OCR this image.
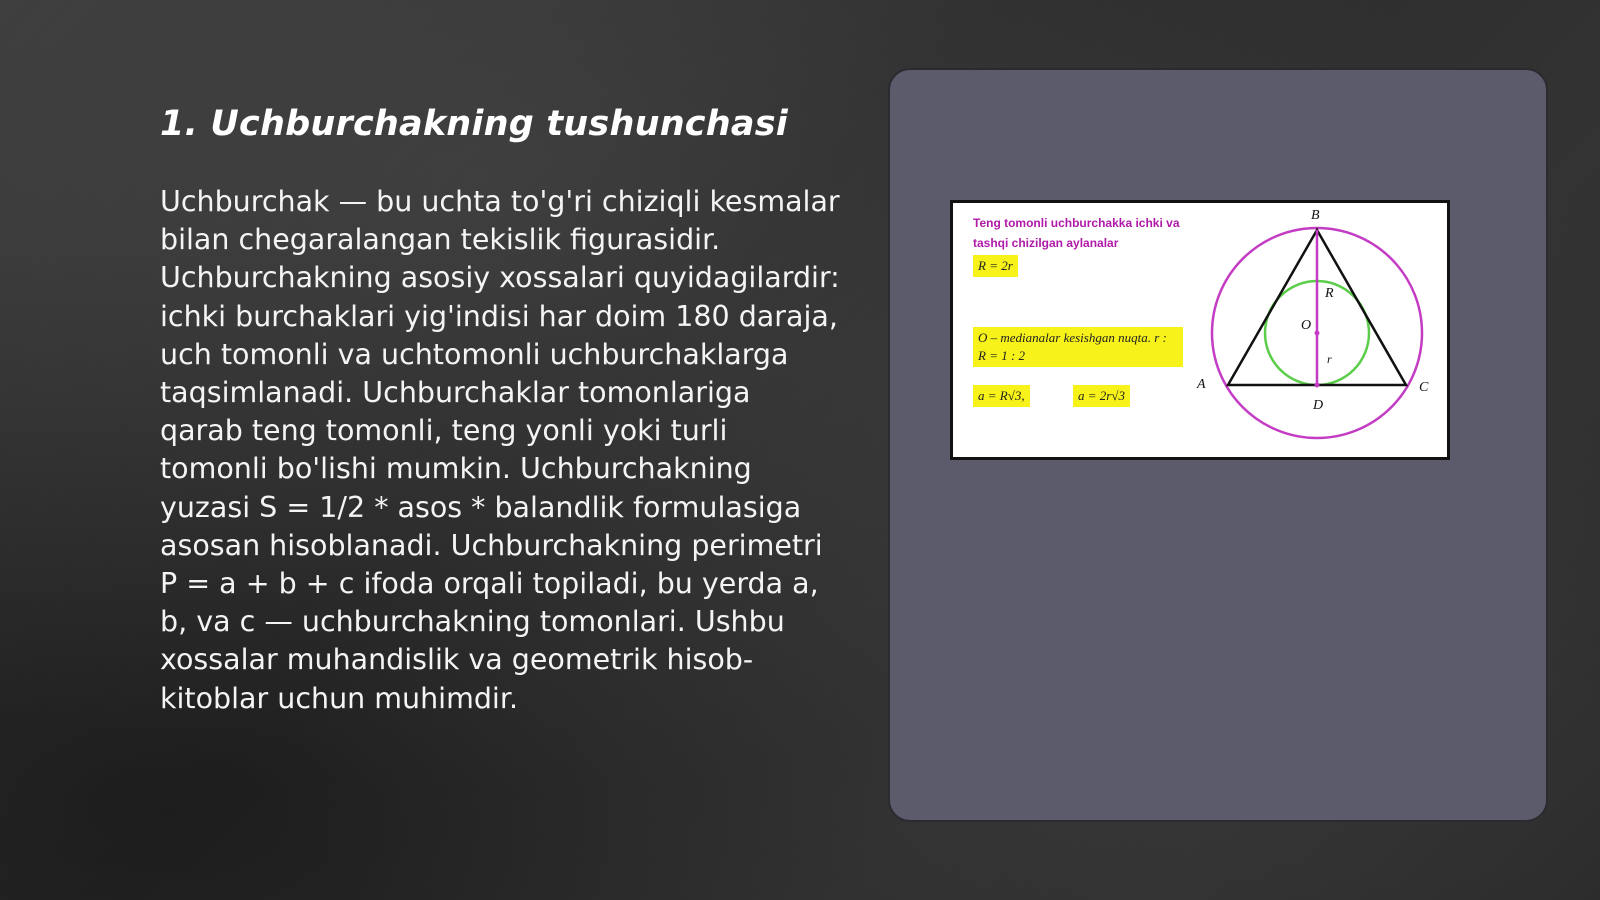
1. Uchburchakning tushunchasi

Uchburchak — bu uchta to'g'ri chiziqli kesmalar bilan chegaralangan tekislik figurasidir. Uchburchakning asosiy xossalari quyidagilardir: ichki burchaklari yig'indisi har doim 180 daraja, uch tomonli va uchtomonli uchburchaklarga taqsimlanadi. Uchburchaklar tomonlariga qarab teng tomonli, teng yonli yoki turli tomonli bo'lishi mumkin. Uchburchakning yuzasi S = 1/2 * asos * balandlik formulasiga asosan hisoblanadi. Uchburchakning perimetri P = a + b + c ifoda orqali topiladi, bu yerda a, b, va c — uchburchakning tomonlari. Ushbu xossalar muhandislik va geometrik hisob-kitoblar uchun muhimdir.

Teng tomonli uchburchakka ichki va tashqi chizilgan aylanalar
R = 2r
O – medianalar kesishgan nuqta. r : R = 1 : 2
a = R√3,	a = 2r√3
B
A	C
D
O
R
r
